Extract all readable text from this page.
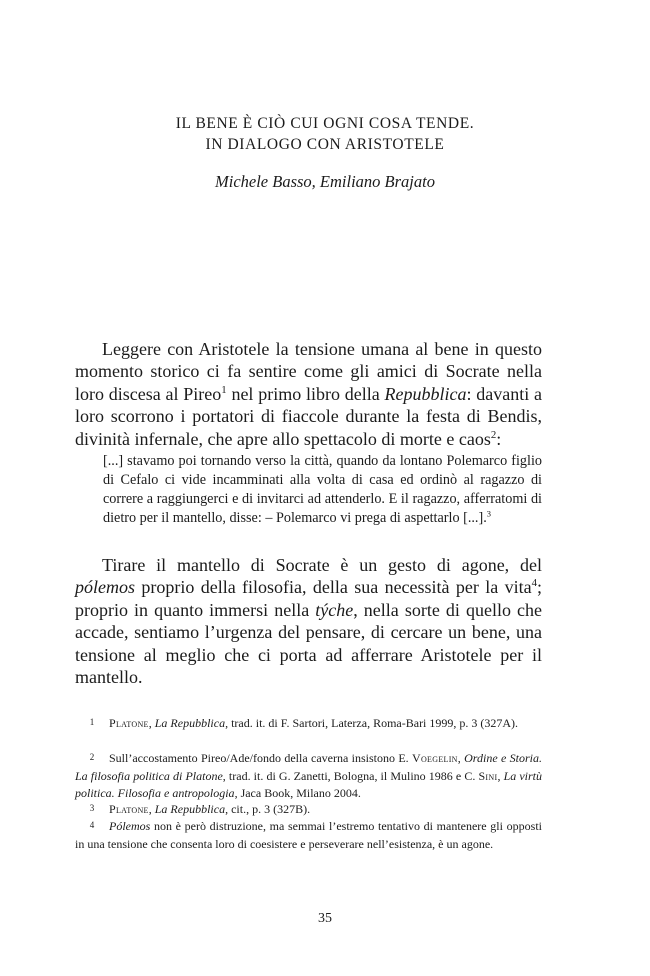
IL BENE È CIÒ CUI OGNI COSA TENDE.
IN DIALOGO CON ARISTOTELE
Michele Basso, Emiliano Brajato

Leggere con Aristotele la tensione umana al bene in questo momento storico ci fa sentire come gli amici di Socrate nella loro discesa al Pireo$^1$ nel primo libro della Repubblica: davanti a loro scorrono i portatori di fiaccole durante la festa di Bendis, divinità infernale, che apre allo spettacolo di morte e caos$^2$:

[...] stavamo poi tornando verso la città, quando da lontano Polemarco figlio di Cefalo ci vide incamminati alla volta di casa ed ordinò al ragazzo di correre a raggiungerci e di invitarci ad attenderlo. E il ragazzo, afferratomi di dietro per il mantello, disse: – Polemarco vi prega di aspettarlo [...].$^3$

Tirare il mantello di Socrate è un gesto di agone, del pólemos proprio della filosofia, della sua necessità per la vita$^4$; proprio in quanto immersi nella týche, nella sorte di quello che accade, sentiamo l’urgenza del pensare, di cercare un bene, una tensione al meglio che ci porta ad afferrare Aristotele per il mantello.

1 Platone, La Repubblica, trad. it. di F. Sartori, Laterza, Roma-Bari 1999, p. 3 (327A).

2 Sull’accostamento Pireo/Ade/fondo della caverna insistono E. Voegelin, Ordine e Storia. La filosofia politica di Platone, trad. it. di G. Zanetti, Bologna, il Mulino 1986 e C. Sini, La virtù politica. Filosofia e antropologia, Jaca Book, Milano 2004.

3 Platone, La Repubblica, cit., p. 3 (327B).

4 Pólemos non è però distruzione, ma semmai l’estremo tentativo di mantenere gli opposti in una tensione che consenta loro di coesistere e perseverare nell’esistenza, è un agone.

35
